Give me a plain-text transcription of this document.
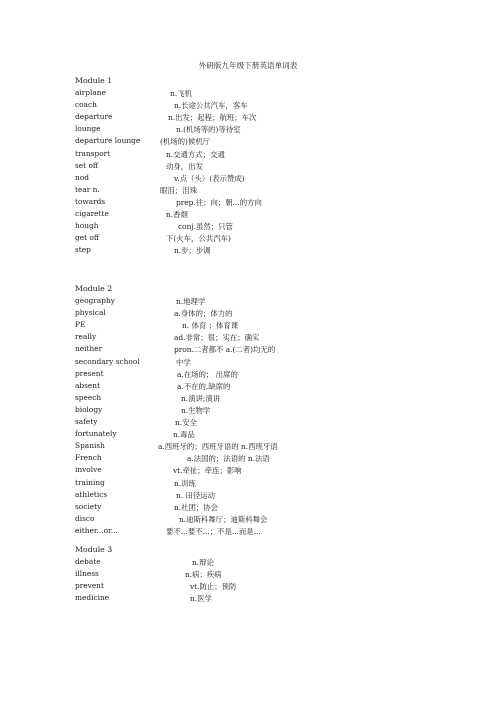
外研版九年级下册英语单词表
Module 1
airplane	n.飞机
coach	n.长途公共汽车，客车
departure	n.出发；起程；航班；车次
lounge	n.(机场等的)等待室
departure lounge	(机场的)候机厅
transport	n.交通方式；交通
set off	动身，出发
nod	v.点（头）(表示赞成)
tear n.	眼泪；泪珠
towards	prep.往；向；朝...的方向
cigarette	n.香烟
hough	conj.虽然；只管
get off	下(火车，公共汽车)
step	n.步；步调
Module 2
geography	n.地理学
physical	a.身体的；体力的
PE	n. 体育 ；体育课
really	ad.非常；很；实在；确实
neither	pron.二者都不 a.(二者)均无的
secondary school	中学
present	a.在场的； 出席的
absent	a.不在的,缺席的
speech	n.演讲;演讲
biology	n.生物学
safety	n.安全
fortunately	n.毒品
Spanish	a.西班牙的；西班牙语的 n.西班牙语
French	a.法国的；法语的 n.法语
involve	vt.牵扯；牵连；影响
training	n.训练
athletics	n. 田径运动
society	n.社团；协会
disco	n.迪斯科舞厅；迪斯科舞会
either...or...	要不...要不...；不是...而是...
Module 3
debate	n.辩论
illness	n.病；疾病
prevent	vt.防止；预防
medicine	n.医学
